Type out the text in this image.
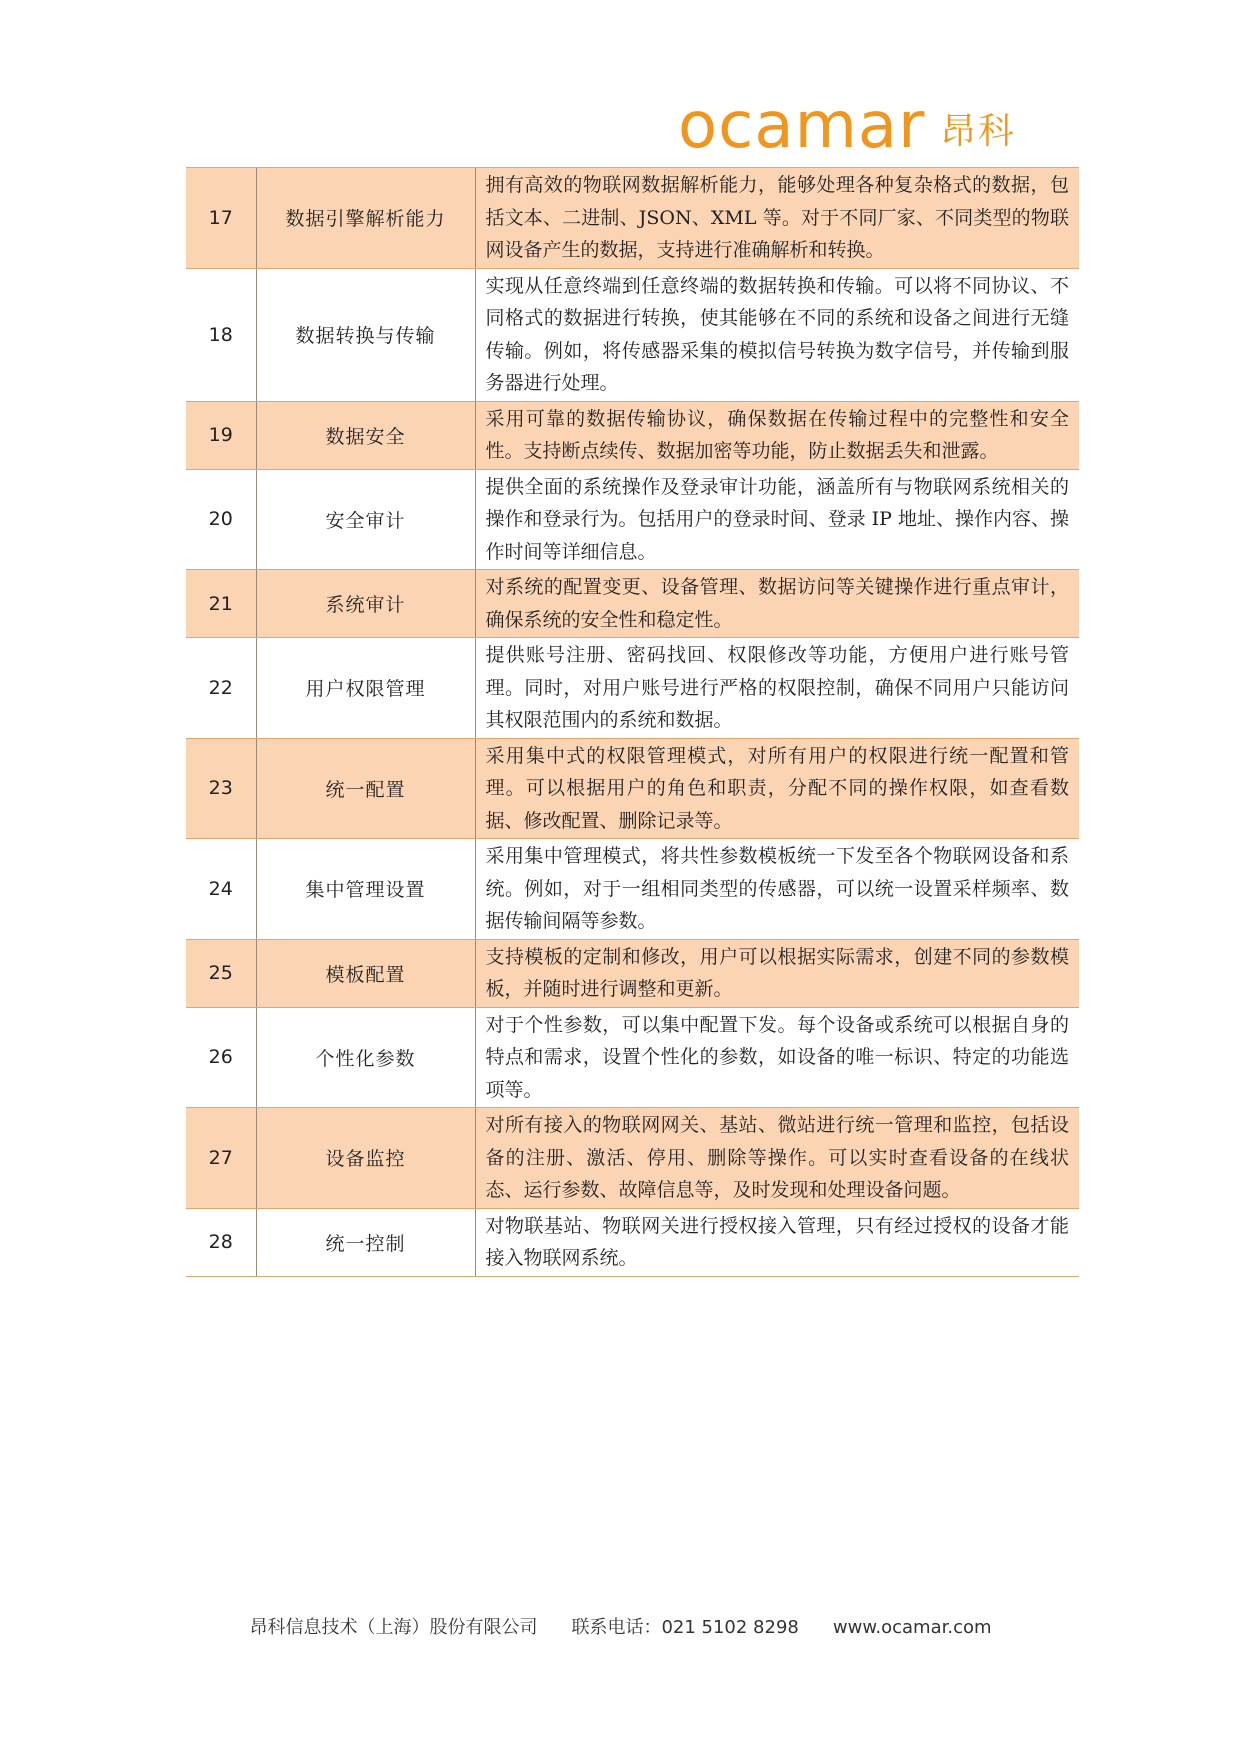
ocamar 昂科
17	数据引擎解析能力	拥有高效的物联网数据解析能力，能够处理各种复杂格式的数据，包括文本、二进制、JSON、XML 等。对于不同厂家、不同类型的物联网设备产生的数据，支持进行准确解析和转换。
18	数据转换与传输	实现从任意终端到任意终端的数据转换和传输。可以将不同协议、不同格式的数据进行转换，使其能够在不同的系统和设备之间进行无缝传输。例如，将传感器采集的模拟信号转换为数字信号，并传输到服务器进行处理。
19	数据安全	采用可靠的数据传输协议，确保数据在传输过程中的完整性和安全性。支持断点续传、数据加密等功能，防止数据丢失和泄露。
20	安全审计	提供全面的系统操作及登录审计功能，涵盖所有与物联网系统相关的操作和登录行为。包括用户的登录时间、登录 IP 地址、操作内容、操作时间等详细信息。
21	系统审计	对系统的配置变更、设备管理、数据访问等关键操作进行重点审计，确保系统的安全性和稳定性。
22	用户权限管理	提供账号注册、密码找回、权限修改等功能，方便用户进行账号管理。同时，对用户账号进行严格的权限控制，确保不同用户只能访问其权限范围内的系统和数据。
23	统一配置	采用集中式的权限管理模式，对所有用户的权限进行统一配置和管理。可以根据用户的角色和职责，分配不同的操作权限，如查看数据、修改配置、删除记录等。
24	集中管理设置	采用集中管理模式，将共性参数模板统一下发至各个物联网设备和系统。例如，对于一组相同类型的传感器，可以统一设置采样频率、数据传输间隔等参数。
25	模板配置	支持模板的定制和修改，用户可以根据实际需求，创建不同的参数模板，并随时进行调整和更新。
26	个性化参数	对于个性参数，可以集中配置下发。每个设备或系统可以根据自身的特点和需求，设置个性化的参数，如设备的唯一标识、特定的功能选项等。
27	设备监控	对所有接入的物联网网关、基站、微站进行统一管理和监控，包括设备的注册、激活、停用、删除等操作。可以实时查看设备的在线状态、运行参数、故障信息等，及时发现和处理设备问题。
28	统一控制	对物联基站、物联网关进行授权接入管理，只有经过授权的设备才能接入物联网系统。
昂科信息技术（上海）股份有限公司 联系电话：021 5102 8298 www.ocamar.com
